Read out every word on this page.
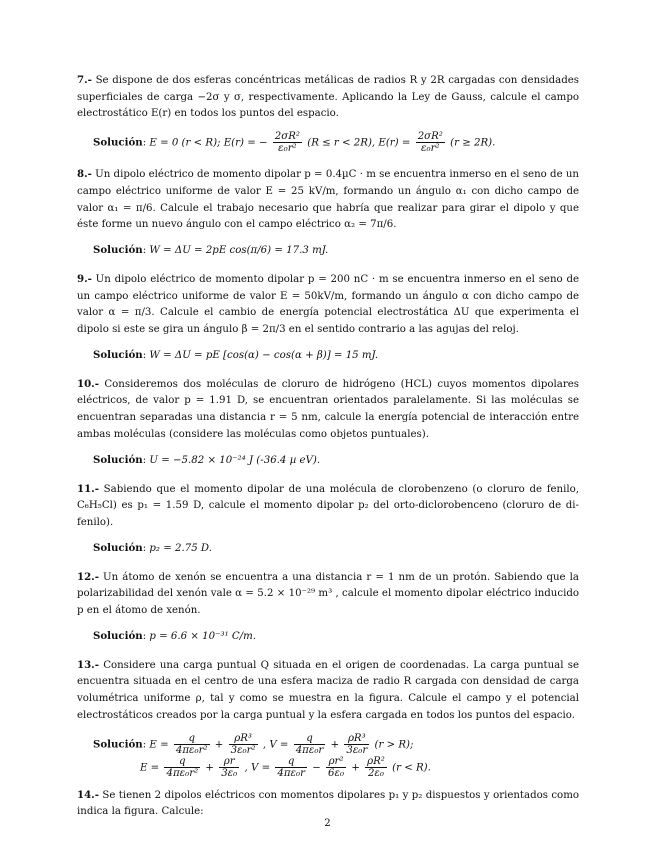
7.- Se dispone de dos esferas concéntricas metálicas de radios R y 2R cargadas con densidades superficiales de carga −2σ y σ, respectivamente. Aplicando la Ley de Gauss, calcule el campo electrostático E(r) en todos los puntos del espacio.

Solución: E = 0 (r < R); E(r) = − $\frac{\text{2σR²}}{\text{ε₀r²}} (R \le r < 2R)$, $E(r) = \frac{\text{2σR²}}{\text{ε₀r²}} (r \ge 2R)$.

8.- Un dipolo eléctrico de momento dipolar p = 0.4µC · m se encuentra inmerso en el seno de un campo eléctrico uniforme de valor E = 25 kV/m, formando un ángulo α₁ con dicho campo de valor α₁ = π/6. Calcule el trabajo necesario que habría que realizar para girar el dipolo y que éste forme un nuevo ángulo con el campo eléctrico α₂ = 7π/6.

Solución: W = ΔU = 2pE cos(π/6) = 17.3 mJ.

9.- Un dipolo eléctrico de momento dipolar p = 200 nC · m se encuentra inmerso en el seno de un campo eléctrico uniforme de valor E = 50kV/m, formando un ángulo α con dicho campo de valor α = π/3. Calcule el cambio de energía potencial electrostática ΔU que experimenta el dipolo si este se gira un ángulo β = 2π/3 en el sentido contrario a las agujas del reloj.

Solución: W = ΔU = pE [cos(α) − cos(α + β)] = 15 mJ.

10.- Consideremos dos moléculas de cloruro de hidrógeno (HCL) cuyos momentos dipolares eléctricos, de valor p = 1.91 D, se encuentran orientados paralelamente. Si las moléculas se encuentran separadas una distancia r = 5 nm, calcule la energía potencial de interacción entre ambas moléculas (considere las moléculas como objetos puntuales).

Solución: U = −5.82 × 10⁻²⁴ J (-36.4 µ eV).

11.- Sabiendo que el momento dipolar de una molécula de clorobenzeno (o cloruro de fenilo, C₆H₅Cl) es p₁ = 1.59 D, calcule el momento dipolar p₂ del orto-diclorobenceno (cloruro de di-fenilo).

Solución: p₂ = 2.75 D.

12.- Un átomo de xenón se encuentra a una distancia r = 1 nm de un protón. Sabiendo que la polarizabilidad del xenón vale α = 5.2 × 10⁻²⁹ m³ , calcule el momento dipolar eléctrico inducido p en el átomo de xenón.

Solución: p = 6.6 × 10⁻³¹ C/m.

13.- Considere una carga puntual Q situada en el origen de coordenadas. La carga puntual se encuentra situada en el centro de una esfera maciza de radio R cargada con densidad de carga volumétrica uniforme ρ, tal y como se muestra en la figura. Calcule el campo y el potencial electrostáticos creados por la carga puntual y la esfera cargada en todos los puntos del espacio.

Solución: $E = \frac{q}{\text{4πε₀r²}} + \frac{\text{ρR³}}{\text{3ε₀r²}}$ , $V = \frac{q}{\text{4πε₀r}} + \frac{\text{ρR³}}{\text{3ε₀r}} (r > R)$;
$E = \frac{q}{\text{4πε₀r²}} + \frac{\rho r}{\text{3ε₀}}$ , $V = \frac{q}{\text{4πε₀r}} - \frac{\text{ρr²}}{\text{6ε₀}} + \frac{\text{ρR²}}{\text{2ε₀}} (r < R)$.

14.- Se tienen 2 dipolos eléctricos con momentos dipolares p₁ y p₂ dispuestos y orientados como indica la figura. Calcule:

2
